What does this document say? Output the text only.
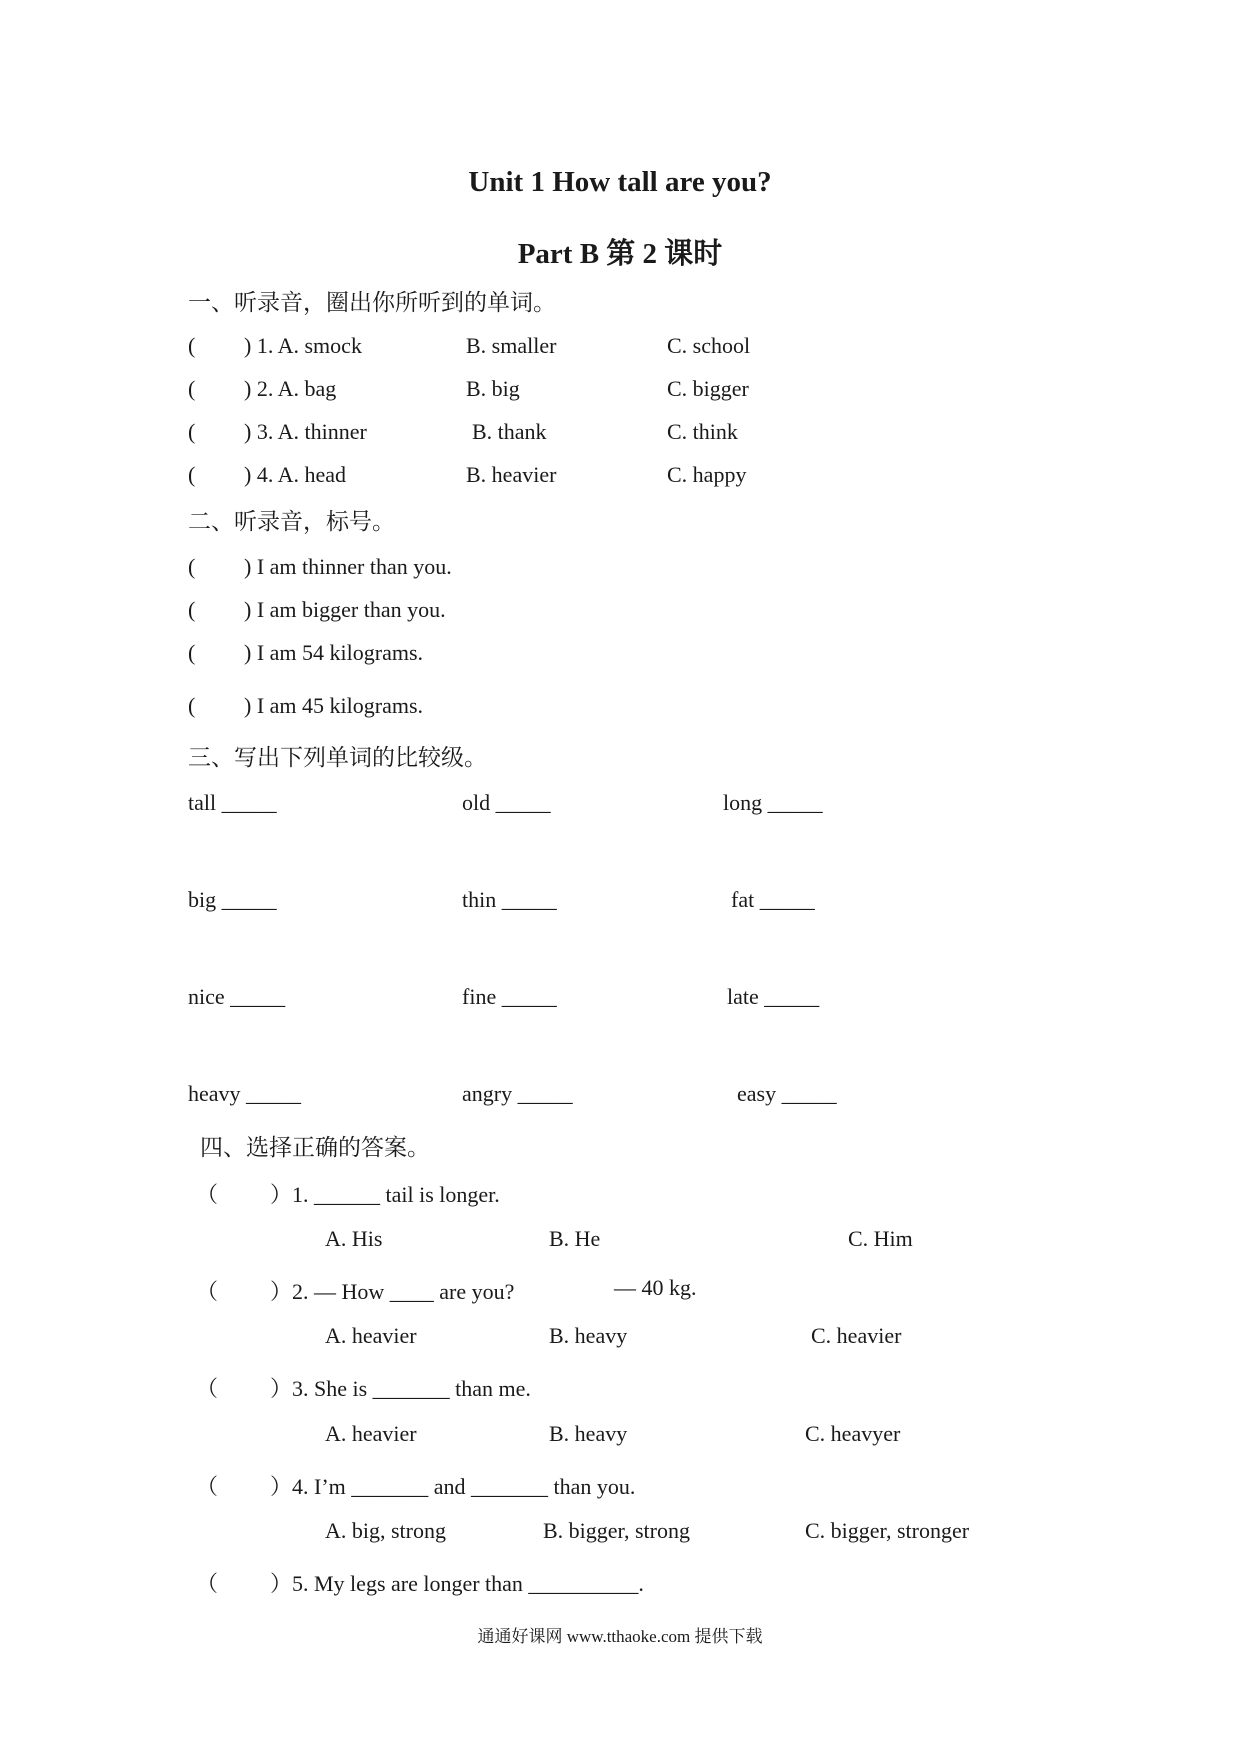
Unit 1 How tall are you?
Part B 第 2 课时
一、听录音，圈出你所听到的单词。
( ) 1. A. smock	B. smaller	C. school
( ) 2. A. bag	B. big	C. bigger
( ) 3. A. thinner	B. thank	C. think
( ) 4. A. head	B. heavier	C. happy
二、听录音，标号。
( ) I am thinner than you.
( ) I am bigger than you.
( ) I am 54 kilograms.
( ) I am 45 kilograms.
三、写出下列单词的比较级。
tall _____	old _____	long _____
big _____	thin _____	fat _____
nice _____	fine _____	late _____
heavy _____	angry _____	easy _____
四、选择正确的答案。
（ ）1. ______ tail is longer.
A. His	B. He	C. Him
（ ）2. — How ____ are you?	— 40 kg.
A. heavier	B. heavy	C. heavier
（ ）3. She is _______ than me.
A. heavier	B. heavy	C. heavyer
（ ）4. I’m _______ and _______ than you.
A. big, strong	B. bigger, strong	C. bigger, stronger
（ ）5. My legs are longer than __________.
通通好课网 www.tthaoke.com 提供下载
